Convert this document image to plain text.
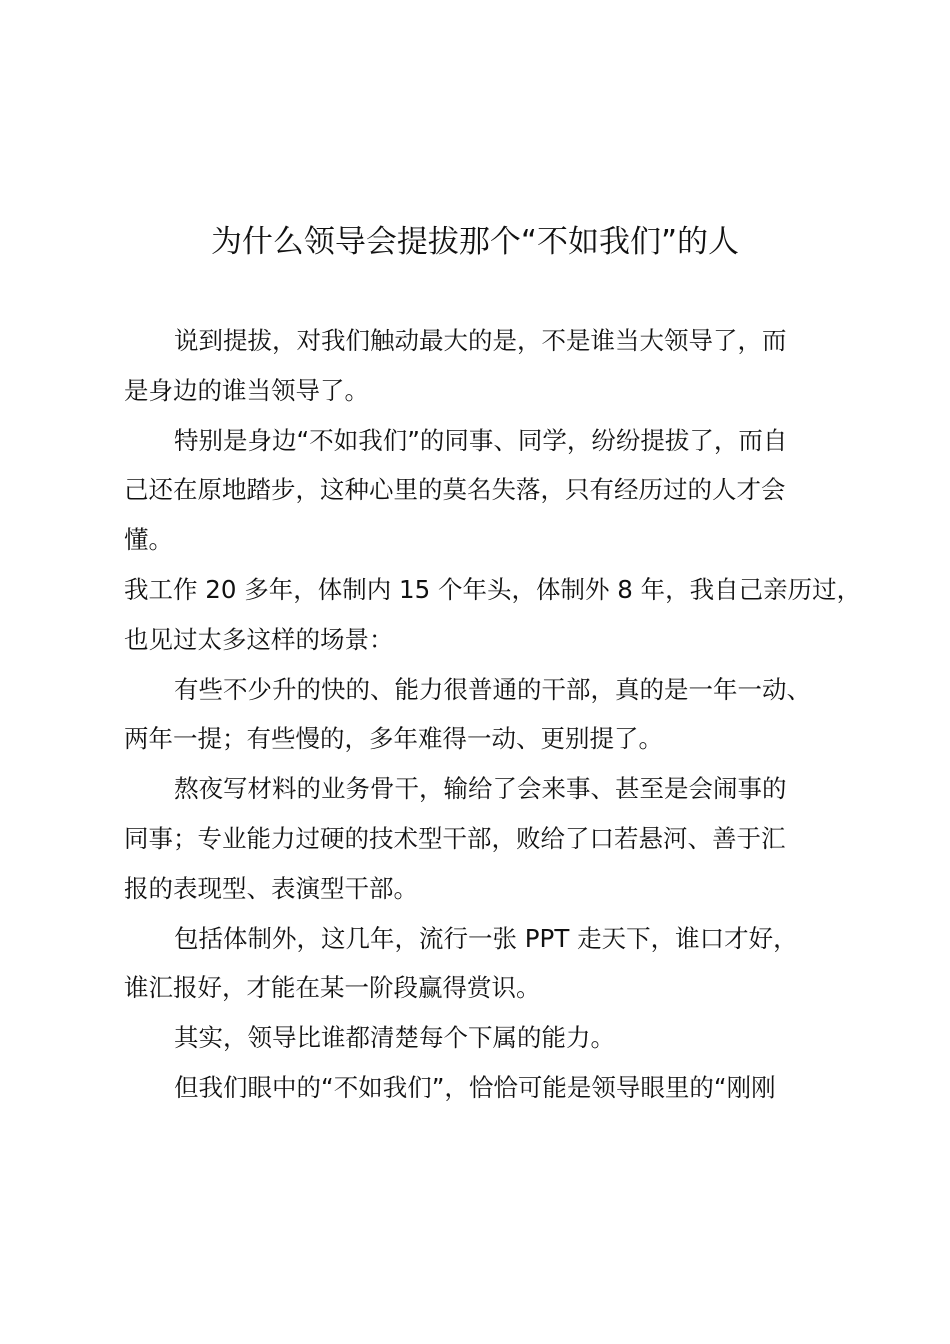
为什么领导会提拔那个“不如我们”的人
说到提拔，对我们触动最大的是，不是谁当大领导了，而
是身边的谁当领导了。
特别是身边“不如我们”的同事、同学，纷纷提拔了，而自
己还在原地踏步，这种心里的莫名失落，只有经历过的人才会
懂。
我工作 20 多年，体制内 15 个年头，体制外 8 年，我自己亲历过，
也见过太多这样的场景：
有些不少升的快的、能力很普通的干部，真的是一年一动、
两年一提；有些慢的，多年难得一动、更别提了。
熬夜写材料的业务骨干，输给了会来事、甚至是会闹事的
同事；专业能力过硬的技术型干部，败给了口若悬河、善于汇
报的表现型、表演型干部。
包括体制外，这几年，流行一张 PPT 走天下，谁口才好，
谁汇报好，才能在某一阶段赢得赏识。
其实，领导比谁都清楚每个下属的能力。
但我们眼中的“不如我们”，恰恰可能是领导眼里的“刚刚
